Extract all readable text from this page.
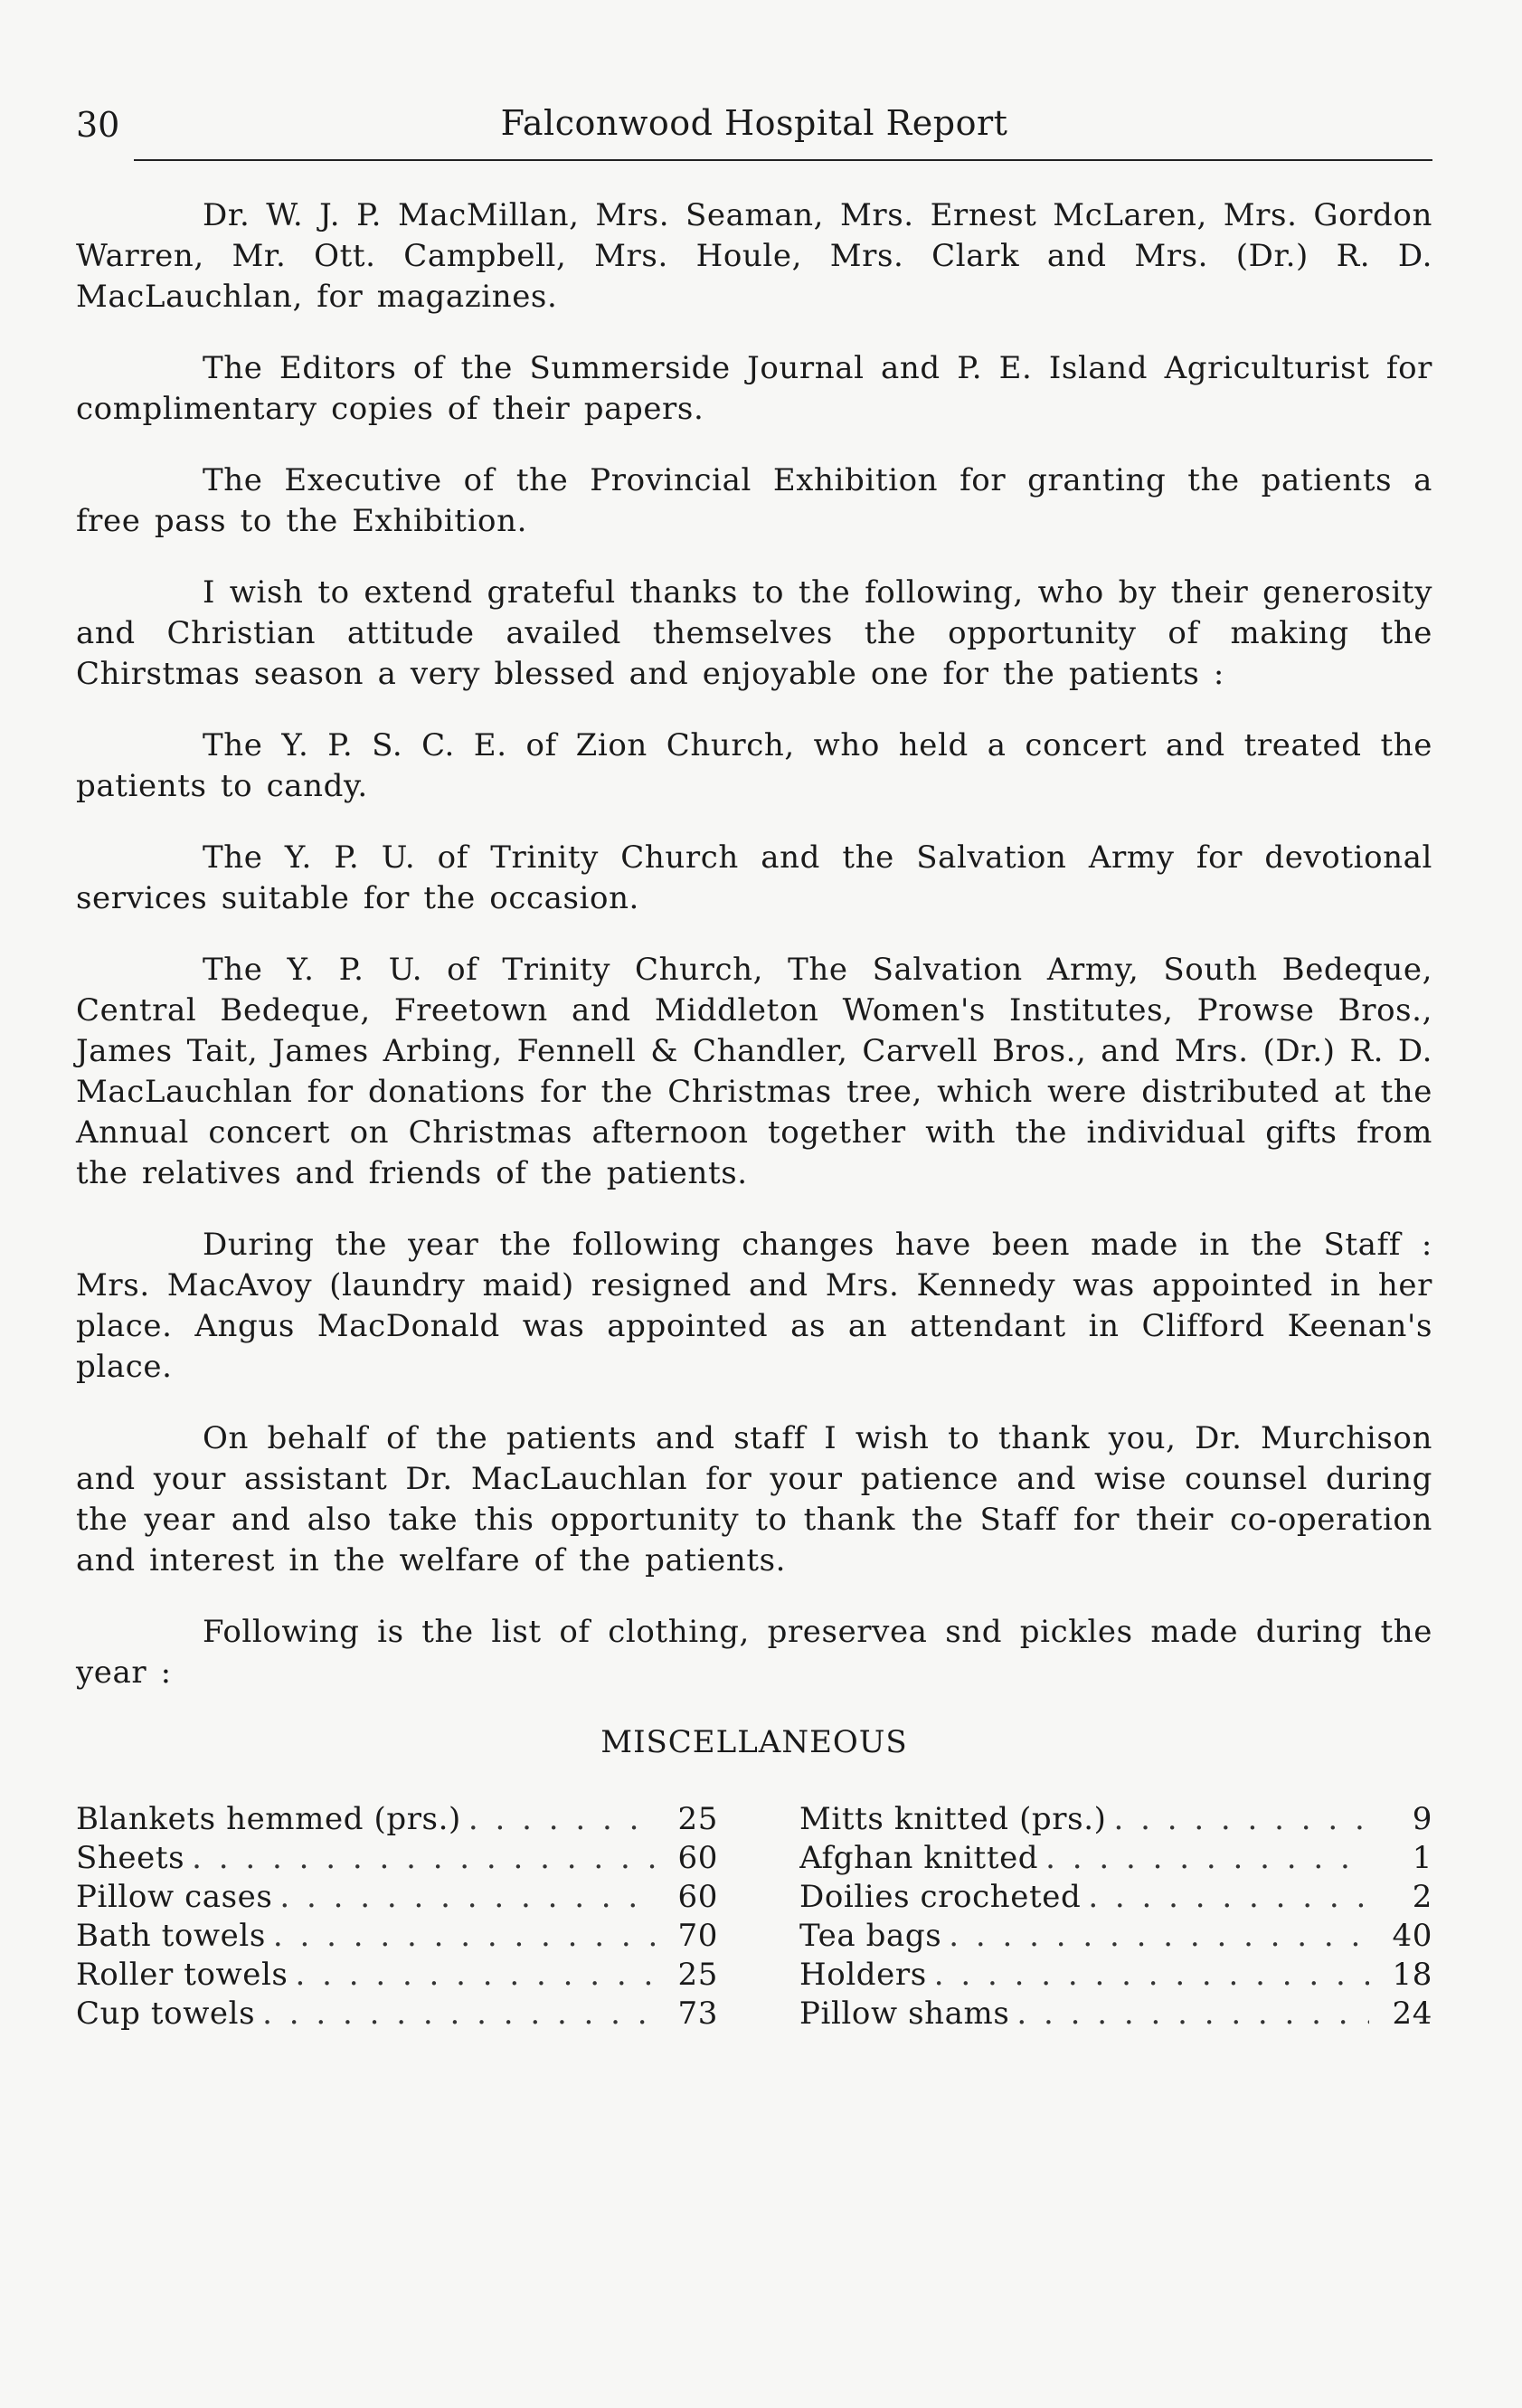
30	Falconwood Hospital Report

Dr. W. J. P. MacMillan, Mrs. Seaman, Mrs. Ernest McLaren, Mrs. Gordon Warren, Mr. Ott. Campbell, Mrs. Houle, Mrs. Clark and Mrs. (Dr.) R. D. MacLauchlan, for magazines.

The Editors of the Summerside Journal and P. E. Island Agriculturist for complimentary copies of their papers.

The Executive of the Provincial Exhibition for granting the patients a free pass to the Exhibition.

I wish to extend grateful thanks to the following, who by their generosity and Christian attitude availed themselves the opportunity of making the Chirstmas season a very blessed and enjoyable one for the patients :

The Y. P. S. C. E. of Zion Church, who held a concert and treated the patients to candy.

The Y. P. U. of Trinity Church and the Salvation Army for devotional services suitable for the occasion.

The Y. P. U. of Trinity Church, The Salvation Army, South Bedeque, Central Bedeque, Freetown and Middleton Women's Institutes, Prowse Bros., James Tait, James Arbing, Fennell & Chandler, Carvell Bros., and Mrs. (Dr.) R. D. MacLauchlan for donations for the Christmas tree, which were distributed at the Annual concert on Christmas afternoon together with the individual gifts from the relatives and friends of the patients.

During the year the following changes have been made in the Staff : Mrs. MacAvoy (laundry maid) resigned and Mrs. Kennedy was appointed in her place. Angus MacDonald was appointed as an attendant in Clifford Keenan's place.

On behalf of the patients and staff I wish to thank you, Dr. Murchison and your assistant Dr. MacLauchlan for your patience and wise counsel during the year and also take this opportunity to thank the Staff for their co-operation and interest in the welfare of the patients.

Following is the list of clothing, preservea snd pickles made during the year :

MISCELLANEOUS
Blankets hemmed (prs.) . . .	25
Sheets . . .	60
Pillow cases . . .	60
Bath towels . . .	70
Roller towels . . .	25
Cup towels . . .	73
Mitts knitted (prs.) . . .	9
Afghan knitted . . .	1
Doilies crocheted . . .	2
Tea bags . . .	40
Holders . . .	18
Pillow shams . . .	24
